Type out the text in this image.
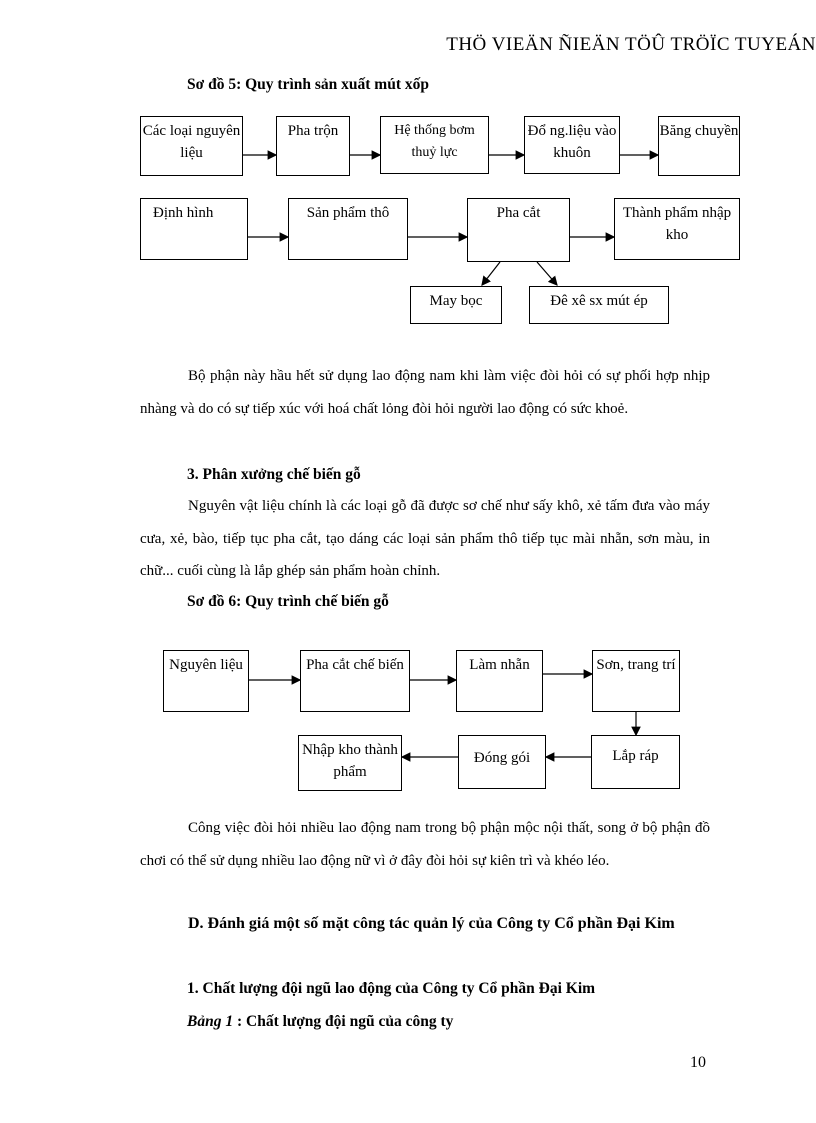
THÖ VIEÄN ÑIEÄN TÖÛ TRÖÏC TUYEÁN
Sơ đồ 5: Quy trình sản xuất mút xốp
Các loại nguyên liệu
Pha trộn	Hệ thống bơm thuỷ lực
Đổ ng.liệu vào khuôn
Băng chuyền
Định hình	Sản phẩm thô	Pha cắt	Thành phẩm nhập kho
May bọc	Đê xê sx mút ép
Bộ phận này hầu hết sử dụng lao động nam khi làm việc đòi hỏi có sự phối hợp nhịp nhàng và do có sự tiếp xúc với hoá chất lỏng đòi hỏi người lao động có sức khoẻ.
3. Phân xưởng chế biến gỗ
Nguyên vật liệu chính là các loại gỗ đã được sơ chế như sấy khô, xẻ tấm đưa vào máy cưa, xẻ, bào, tiếp tục pha cắt, tạo dáng các loại sản phẩm thô tiếp tục mài nhẵn, sơn màu, in chữ... cuối cùng là lắp ghép sản phẩm hoàn chỉnh.
Sơ đồ 6: Quy trình chế biến gỗ
Nguyên liệu	Pha cắt chế biến	Làm nhẵn	Sơn, trang trí
Nhập kho thành phẩm
Đóng gói	Lắp ráp
Công việc đòi hỏi nhiều lao động nam trong bộ phận mộc nội thất, song ở bộ phận đồ chơi có thể sử dụng nhiều lao động nữ vì ở đây đòi hỏi sự kiên trì và khéo léo.
D. Đánh giá một số mặt công tác quản lý của Công ty Cổ phần Đại Kim
1. Chất lượng đội ngũ lao động của Công ty Cổ phần Đại Kim
Bảng 1 : Chất lượng đội ngũ của công ty
10
